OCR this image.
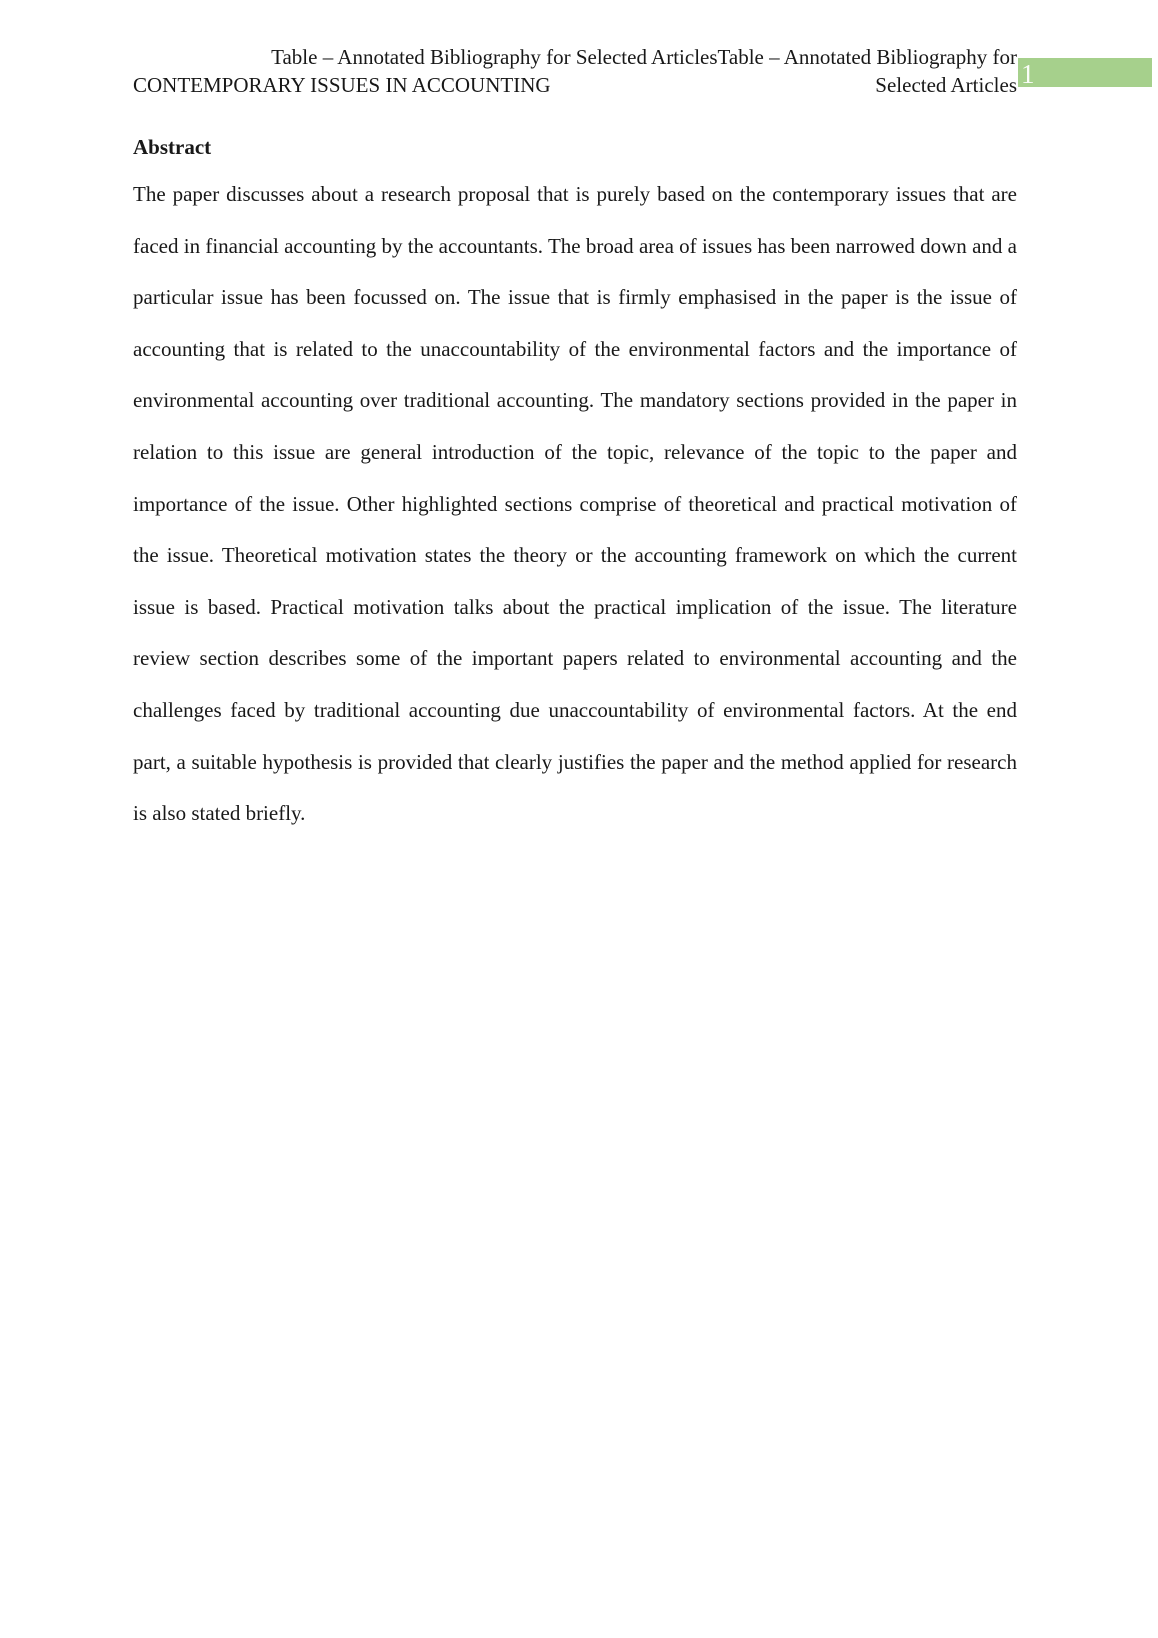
Table – Annotated Bibliography for Selected ArticlesTable – Annotated Bibliography for
CONTEMPORARY ISSUES IN ACCOUNTING	Selected Articles 1
Abstract

The paper discusses about a research proposal that is purely based on the contemporary issues that are faced in financial accounting by the accountants. The broad area of issues has been narrowed down and a particular issue has been focussed on. The issue that is firmly emphasised in the paper is the issue of accounting that is related to the unaccountability of the environmental factors and the importance of environmental accounting over traditional accounting. The mandatory sections provided in the paper in relation to this issue are general introduction of the topic, relevance of the topic to the paper and importance of the issue. Other highlighted sections comprise of theoretical and practical motivation of the issue. Theoretical motivation states the theory or the accounting framework on which the current issue is based. Practical motivation talks about the practical implication of the issue. The literature review section describes some of the important papers related to environmental accounting and the challenges faced by traditional accounting due unaccountability of environmental factors. At the end part, a suitable hypothesis is provided that clearly justifies the paper and the method applied for research is also stated briefly.
